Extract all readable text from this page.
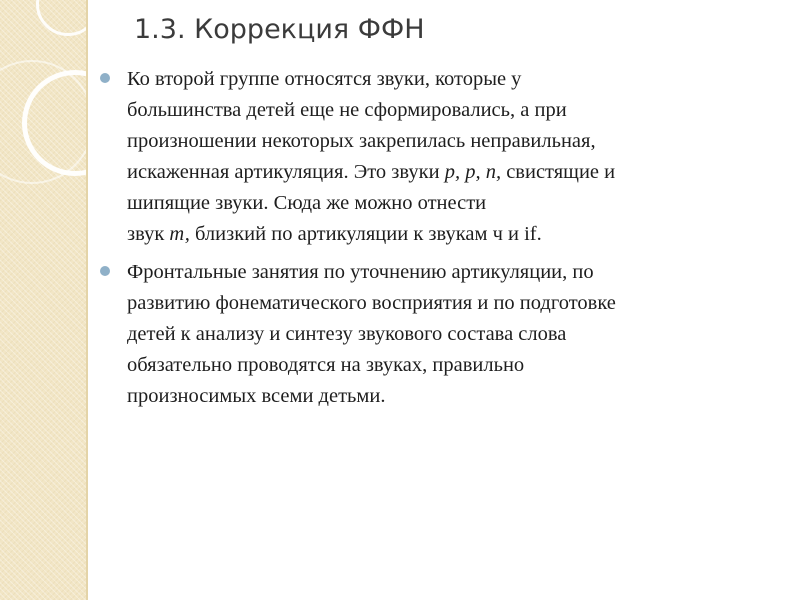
1.3. Коррекция ФФН
Ко второй группе относятся звуки, которые у
большинства детей еще не сформировались, а при
произношении некоторых закрепилась неправильная,
искаженная артикуляция. Это звуки р, р, п, свистящие и
шипящие звуки. Сюда же можно отнести
звук т, близкий по артикуляции к звукам ч и if.
Фронтальные занятия по уточнению артикуляции, по
развитию фонематического восприятия и по подготовке
детей к анализу и синтезу звукового состава слова
обязательно проводятся на звуках, правильно
произносимых всеми детьми.
